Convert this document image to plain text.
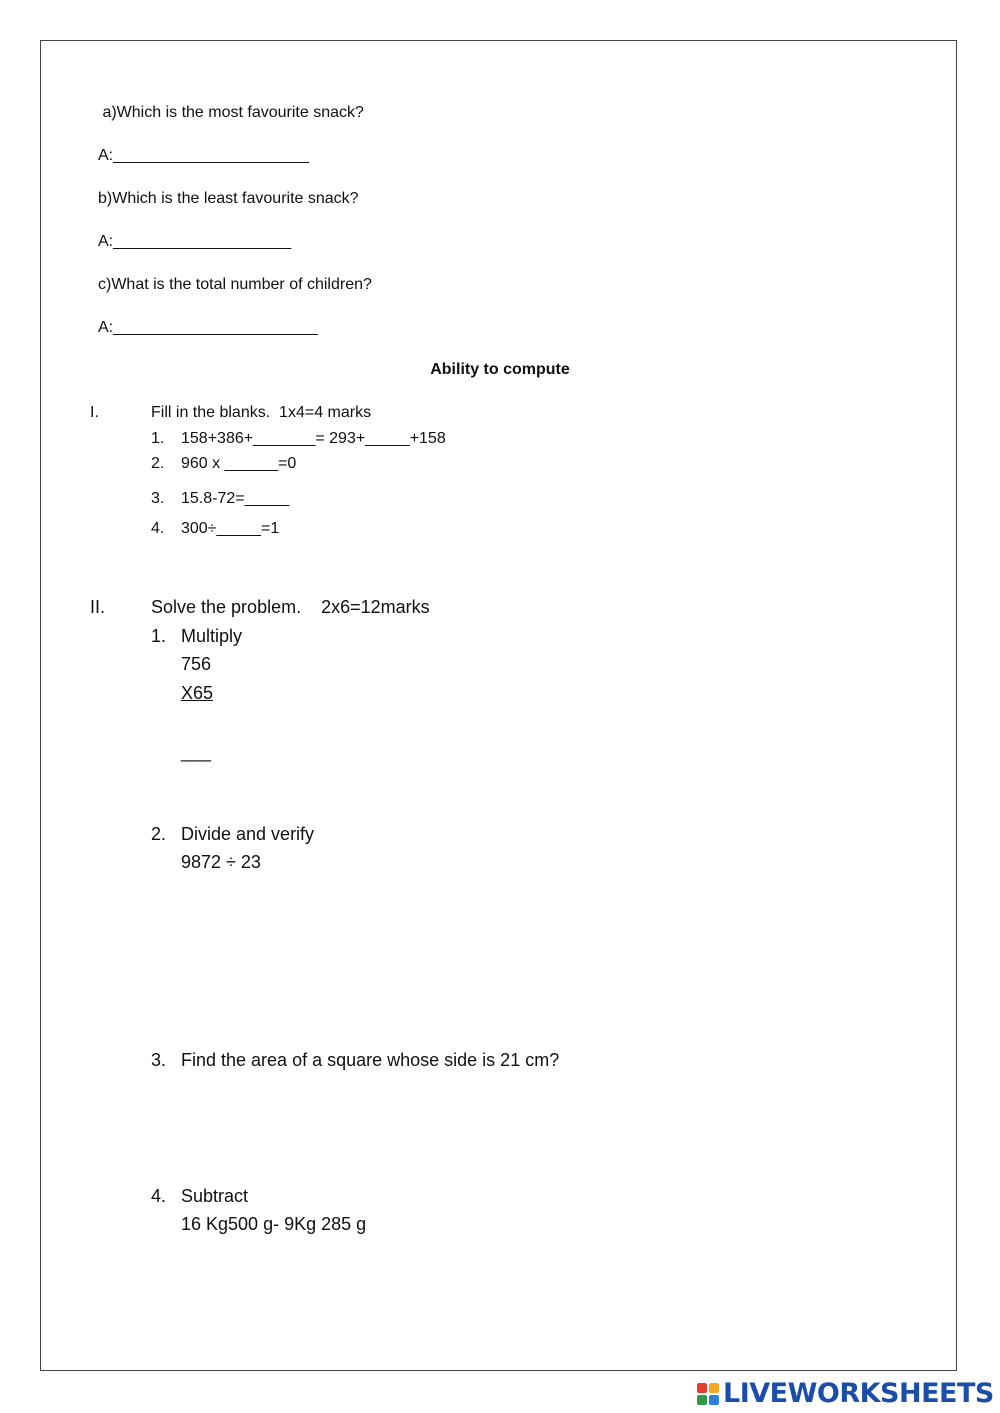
a)Which is the most favourite snack?
A:______________________
b)Which is the least favourite snack?
A:____________________
c)What is the total number of children?
A:_______________________
Ability to compute
I.	Fill in the blanks.  1x4=4 marks
1. 158+386+_______= 293+_____+158
2. 960 x ______=0
3. 15.8-72=_____
4. 300÷_____=1
II.	Solve the problem.    2x6=12marks
1. Multiply
756
X65
___
2. Divide and verify
9872 ÷ 23
3. Find the area of a square whose side is 21 cm?
4. Subtract
16 Kg500 g- 9Kg 285 g
LIVEWORKSHEETS
